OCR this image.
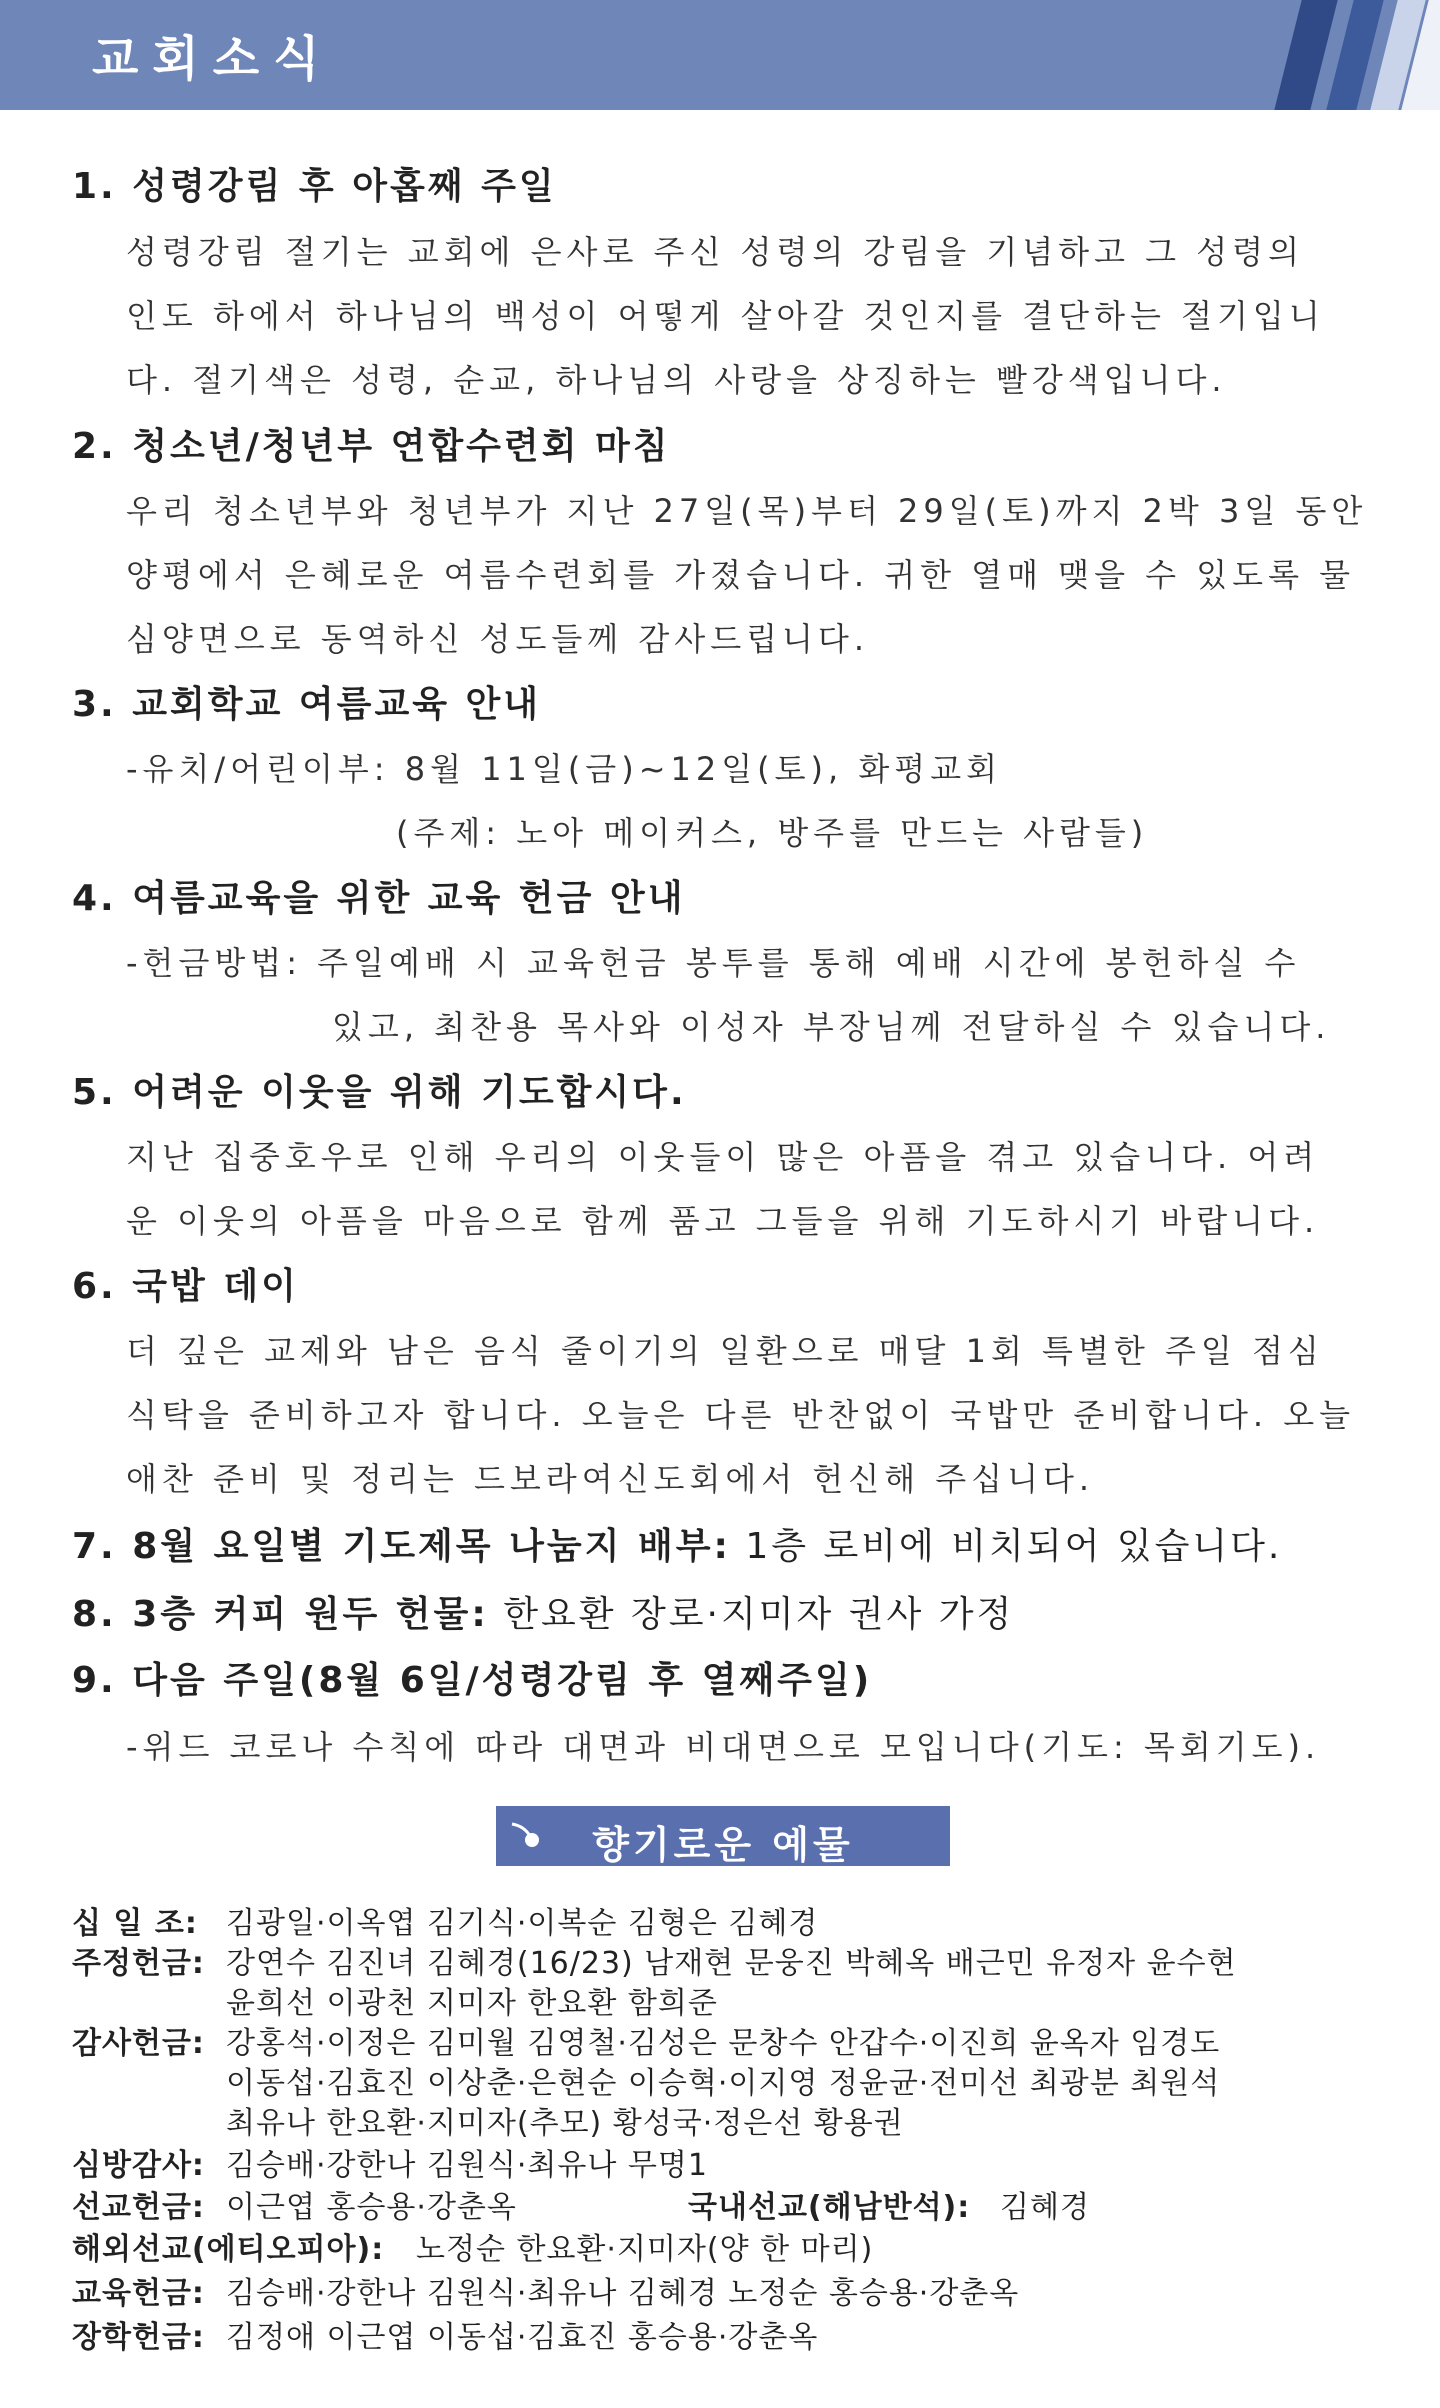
교회소식
1. 성령강림 후 아홉째 주일
성령강림 절기는 교회에 은사로 주신 성령의 강림을 기념하고 그 성령의
인도 하에서 하나님의 백성이 어떻게 살아갈 것인지를 결단하는 절기입니
다. 절기색은 성령, 순교, 하나님의 사랑을 상징하는 빨강색입니다.
2. 청소년/청년부 연합수련회 마침
우리 청소년부와 청년부가 지난 27일(목)부터 29일(토)까지 2박 3일 동안
양평에서 은혜로운 여름수련회를 가졌습니다. 귀한 열매 맺을 수 있도록 물
심양면으로 동역하신 성도들께 감사드립니다.
3. 교회학교 여름교육 안내
-유치/어린이부: 8월 11일(금)~12일(토), 화평교회
(주제: 노아 메이커스, 방주를 만드는 사람들)
4. 여름교육을 위한 교육 헌금 안내
-헌금방법: 주일예배 시 교육헌금 봉투를 통해 예배 시간에 봉헌하실 수
있고, 최찬용 목사와 이성자 부장님께 전달하실 수 있습니다.
5. 어려운 이웃을 위해 기도합시다.
지난 집중호우로 인해 우리의 이웃들이 많은 아픔을 겪고 있습니다. 어려
운 이웃의 아픔을 마음으로 함께 품고 그들을 위해 기도하시기 바랍니다.
6. 국밥 데이
더 깊은 교제와 남은 음식 줄이기의 일환으로 매달 1회 특별한 주일 점심
식탁을 준비하고자 합니다. 오늘은 다른 반찬없이 국밥만 준비합니다. 오늘
애찬 준비 및 정리는 드보라여신도회에서 헌신해 주십니다.
7. 8월 요일별 기도제목 나눔지 배부: 1층 로비에 비치되어 있습니다.
8. 3층 커피 원두 헌물: 한요환 장로·지미자 권사 가정
9. 다음 주일(8월 6일/성령강림 후 열째주일)
-위드 코로나 수칙에 따라 대면과 비대면으로 모입니다(기도: 목회기도).
향기로운 예물
십 일 조: 김광일·이옥엽 김기식·이복순 김형은 김혜경
주정헌금: 강연수 김진녀 김혜경(16/23) 남재현 문웅진 박혜옥 배근민 유정자 윤수현
윤희선 이광천 지미자 한요환 함희준
감사헌금: 강홍석·이정은 김미월 김영철·김성은 문창수 안갑수·이진희 윤옥자 임경도
이동섭·김효진 이상춘·은현순 이승혁·이지영 정윤균·전미선 최광분 최원석
최유나 한요환·지미자(추모) 황성국·정은선 황용권
심방감사: 김승배·강한나 김원식·최유나 무명1
선교헌금: 이근엽 홍승용·강춘옥	국내선교(해남반석): 김혜경
해외선교(에티오피아): 노정순 한요환·지미자(양 한 마리)
교육헌금: 김승배·강한나 김원식·최유나 김혜경 노정순 홍승용·강춘옥
장학헌금: 김정애 이근엽 이동섭·김효진 홍승용·강춘옥
